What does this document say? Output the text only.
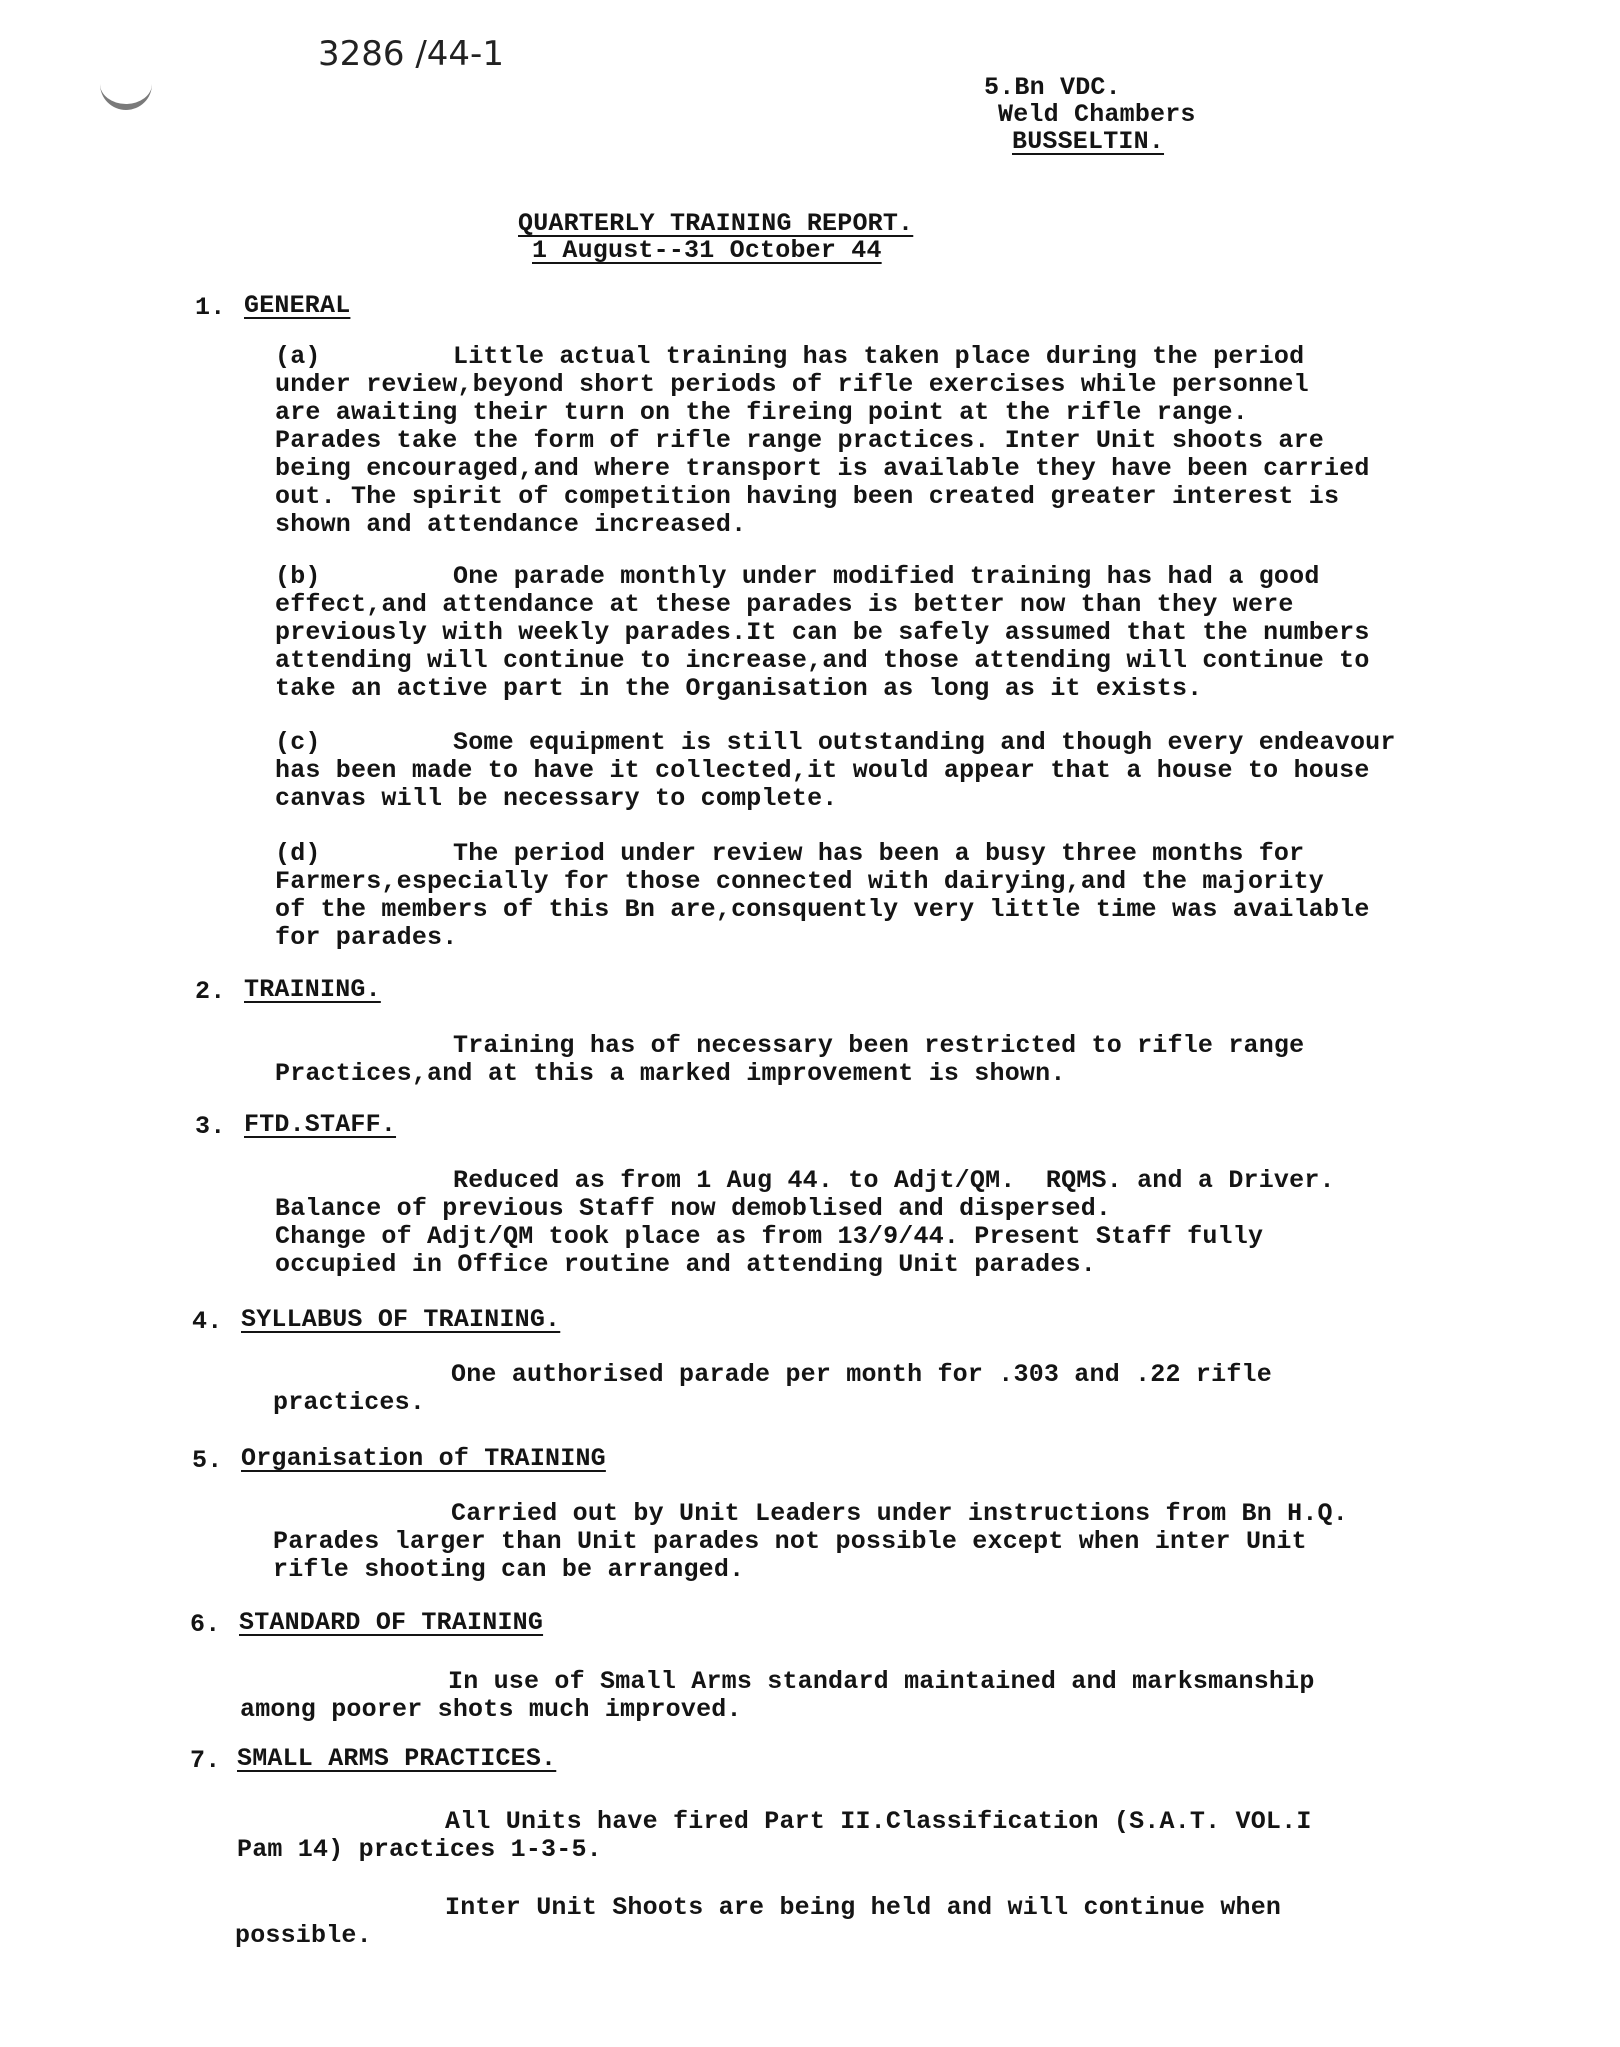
3286 /44-1
5.Bn VDC.
Weld Chambers
BUSSELTIN.
QUARTERLY TRAINING REPORT.
1 August--31 October 44
1. GENERAL
(a)	Little actual training has taken place during the period
under review,beyond short periods of rifle exercises while personnel
are awaiting their turn on the fireing point at the rifle range.
Parades take the form of rifle range practices. Inter Unit shoots are
being encouraged,and where transport is available they have been carried
out. The spirit of competition having been created greater interest is
shown and attendance increased.
(b)	One parade monthly under modified training has had a good
effect,and attendance at these parades is better now than they were
previously with weekly parades.It can be safely assumed that the numbers
attending will continue to increase,and those attending will continue to
take an active part in the Organisation as long as it exists.
(c)	Some equipment is still outstanding and though every endeavour
has been made to have it collected,it would appear that a house to house
canvas will be necessary to complete.
(d)	The period under review has been a busy three months for
Farmers,especially for those connected with dairying,and the majority
of the members of this Bn are,consquently very little time was available
for parades.
2. TRAINING.
Training has of necessary been restricted to rifle range
Practices,and at this a marked improvement is shown.
3. FTD.STAFF.
Reduced as from 1 Aug 44. to Adjt/QM.  RQMS. and a Driver.
Balance of previous Staff now demoblised and dispersed.
Change of Adjt/QM took place as from 13/9/44. Present Staff fully
occupied in Office routine and attending Unit parades.
4. SYLLABUS OF TRAINING.
One authorised parade per month for .303 and .22 rifle
practices.
5. Organisation of TRAINING
Carried out by Unit Leaders under instructions from Bn H.Q.
Parades larger than Unit parades not possible except when inter Unit
rifle shooting can be arranged.
6. STANDARD OF TRAINING
In use of Small Arms standard maintained and marksmanship
among poorer shots much improved.
7. SMALL ARMS PRACTICES.
All Units have fired Part II.Classification (S.A.T. VOL.I
Pam 14) practices 1-3-5.
Inter Unit Shoots are being held and will continue when
possible.
